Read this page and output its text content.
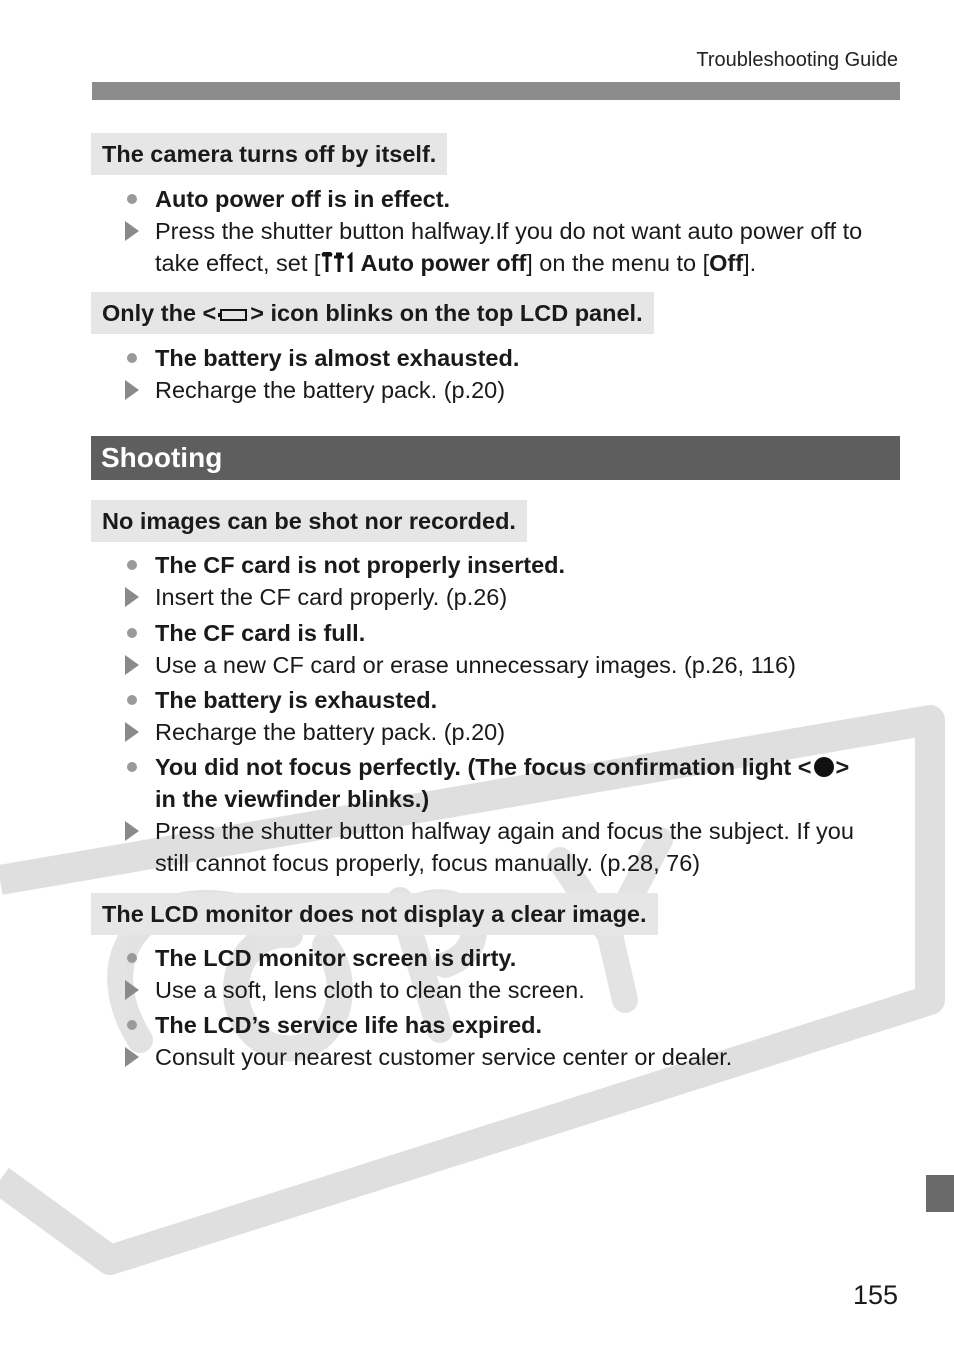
Troubleshooting Guide
The camera turns off by itself.
Auto power off is in effect.
Press the shutter button halfway.If you do not want auto power off to take effect, set [ Auto power off] on the menu to [Off].
Only the < > icon blinks on the top LCD panel.
The battery is almost exhausted.
Recharge the battery pack. (p.20)
Shooting
No images can be shot nor recorded.
The CF card is not properly inserted.
Insert the CF card properly. (p.26)
The CF card is full.
Use a new CF card or erase unnecessary images. (p.26, 116)
The battery is exhausted.
Recharge the battery pack. (p.20)
You did not focus perfectly. (The focus confirmation light < > in the viewfinder blinks.)
Press the shutter button halfway again and focus the subject. If you still cannot focus properly, focus manually. (p.28, 76)
The LCD monitor does not display a clear image.
The LCD monitor screen is dirty.
Use a soft, lens cloth to clean the screen.
The LCD’s service life has expired.
Consult your nearest customer service center or dealer.
155
